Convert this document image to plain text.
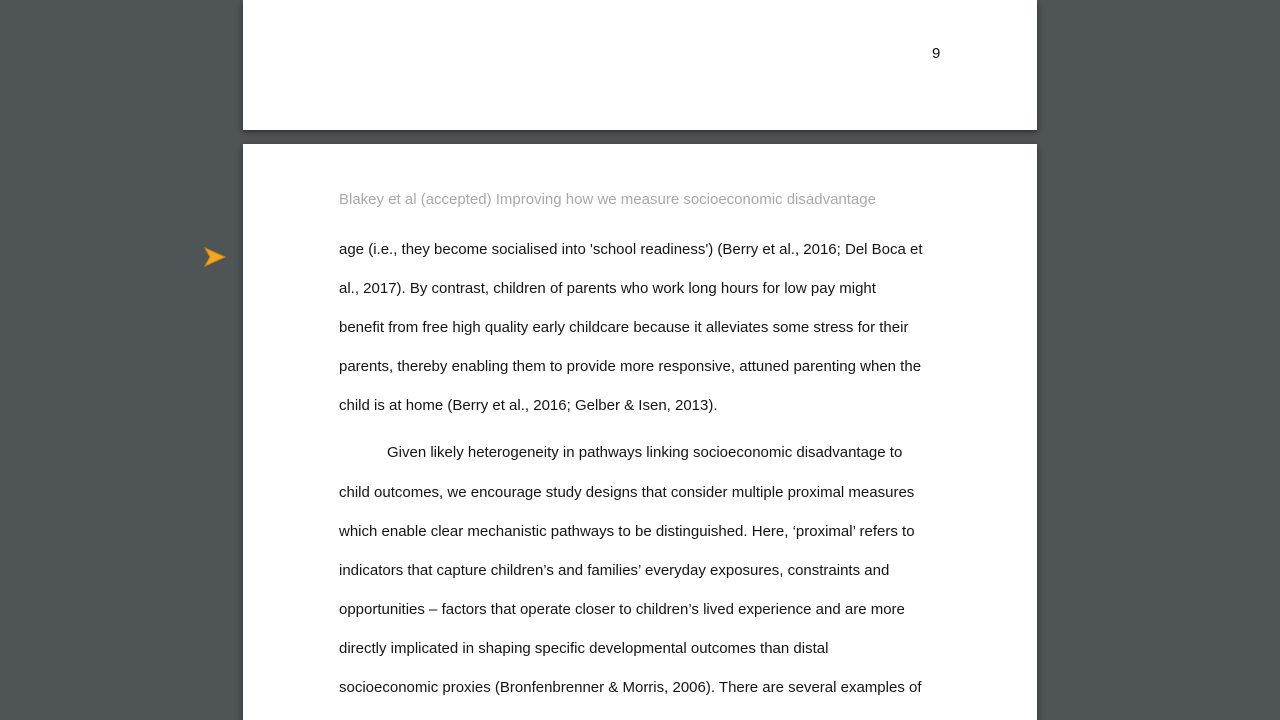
9
Blakey et al (accepted) Improving how we measure socioeconomic disadvantage

age (i.e., they become socialised into 'school readiness') (Berry et al., 2016; Del Boca et
al., 2017). By contrast, children of parents who work long hours for low pay might
benefit from free high quality early childcare because it alleviates some stress for their
parents, thereby enabling them to provide more responsive, attuned parenting when the
child is at home (Berry et al., 2016; Gelber & Isen, 2013).

Given likely heterogeneity in pathways linking socioeconomic disadvantage to
child outcomes, we encourage study designs that consider multiple proximal measures
which enable clear mechanistic pathways to be distinguished. Here, ‘proximal’ refers to
indicators that capture children’s and families’ everyday exposures, constraints and
opportunities – factors that operate closer to children’s lived experience and are more
directly implicated in shaping specific developmental outcomes than distal
socioeconomic proxies (Bronfenbrenner & Morris, 2006). There are several examples of
